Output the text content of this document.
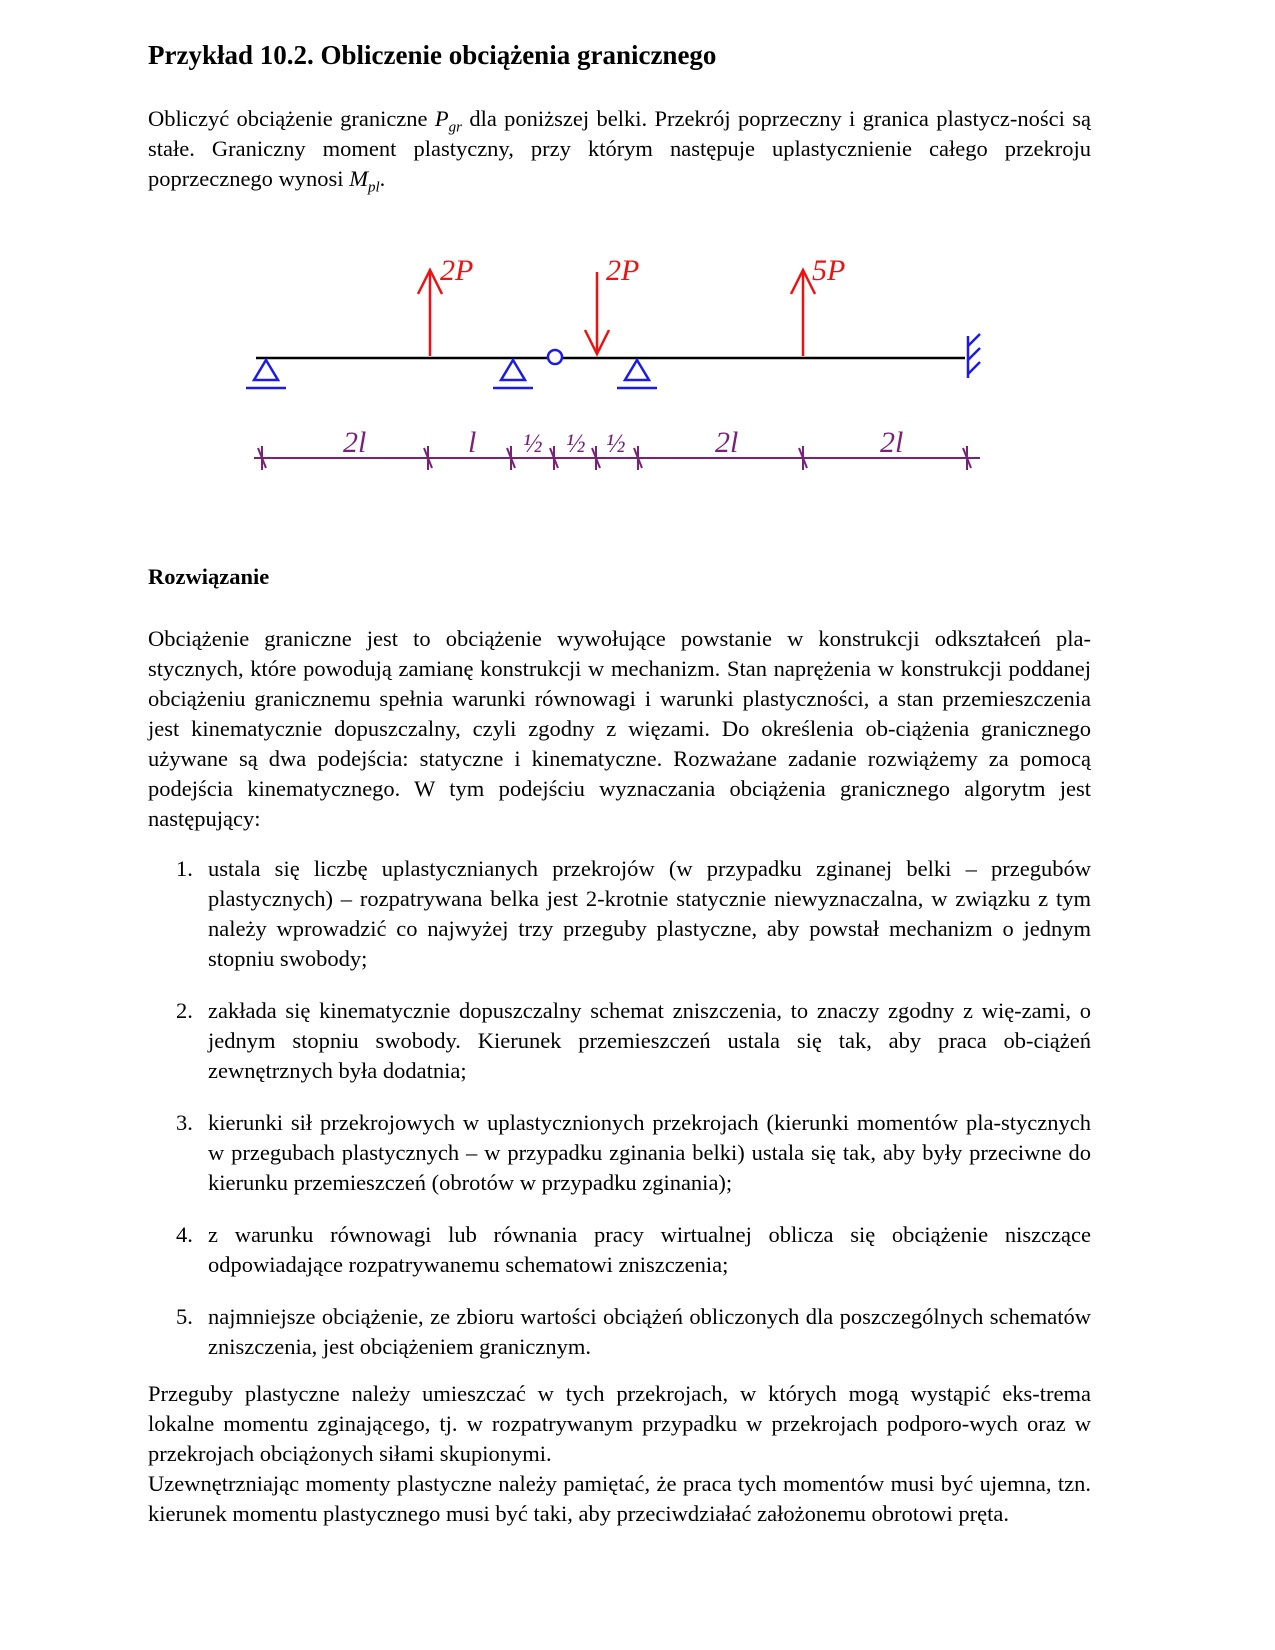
Przykład 10.2. Obliczenie obciążenia granicznego

Obliczyć obciążenie graniczne $P_{gr}$ dla poniższej belki. Przekrój poprzeczny i granica plastycz-ności są stałe. Graniczny moment plastyczny, przy którym następuje uplastycznienie całego przekroju poprzecznego wynosi $M_{pl}$.

2P	2P	5P
2l	l ½ ½ ½	2l	2l
Rozwiązanie

Obciążenie graniczne jest to obciążenie wywołujące powstanie w konstrukcji odkształceń pla-stycznych, które powodują zamianę konstrukcji w mechanizm. Stan naprężenia w konstrukcji poddanej obciążeniu granicznemu spełnia warunki równowagi i warunki plastyczności, a stan przemieszczenia jest kinematycznie dopuszczalny, czyli zgodny z więzami. Do określenia ob-ciążenia granicznego używane są dwa podejścia: statyczne i kinematyczne. Rozważane zadanie rozwiążemy za pomocą podejścia kinematycznego. W tym podejściu wyznaczania obciążenia granicznego algorytm jest następujący:

1. ustala się liczbę uplastycznianych przekrojów (w przypadku zginanej belki – przegubów plastycznych) – rozpatrywana belka jest 2-krotnie statycznie niewyznaczalna, w związku z tym należy wprowadzić co najwyżej trzy przeguby plastyczne, aby powstał mechanizm o jednym stopniu swobody;
2. zakłada się kinematycznie dopuszczalny schemat zniszczenia, to znaczy zgodny z wię-zami, o jednym stopniu swobody. Kierunek przemieszczeń ustala się tak, aby praca ob-ciążeń zewnętrznych była dodatnia;
3. kierunki sił przekrojowych w uplastycznionych przekrojach (kierunki momentów pla-stycznych w przegubach plastycznych – w przypadku zginania belki) ustala się tak, aby były przeciwne do kierunku przemieszczeń (obrotów w przypadku zginania);
4. z warunku równowagi lub równania pracy wirtualnej oblicza się obciążenie niszczące odpowiadające rozpatrywanemu schematowi zniszczenia;
5. najmniejsze obciążenie, ze zbioru wartości obciążeń obliczonych dla poszczególnych schematów zniszczenia, jest obciążeniem granicznym.

Przeguby plastyczne należy umieszczać w tych przekrojach, w których mogą wystąpić eks-trema lokalne momentu zginającego, tj. w rozpatrywanym przypadku w przekrojach podporo-wych oraz w przekrojach obciążonych siłami skupionymi.

Uzewnętrzniając momenty plastyczne należy pamiętać, że praca tych momentów musi być ujemna, tzn. kierunek momentu plastycznego musi być taki, aby przeciwdziałać założonemu obrotowi pręta.
